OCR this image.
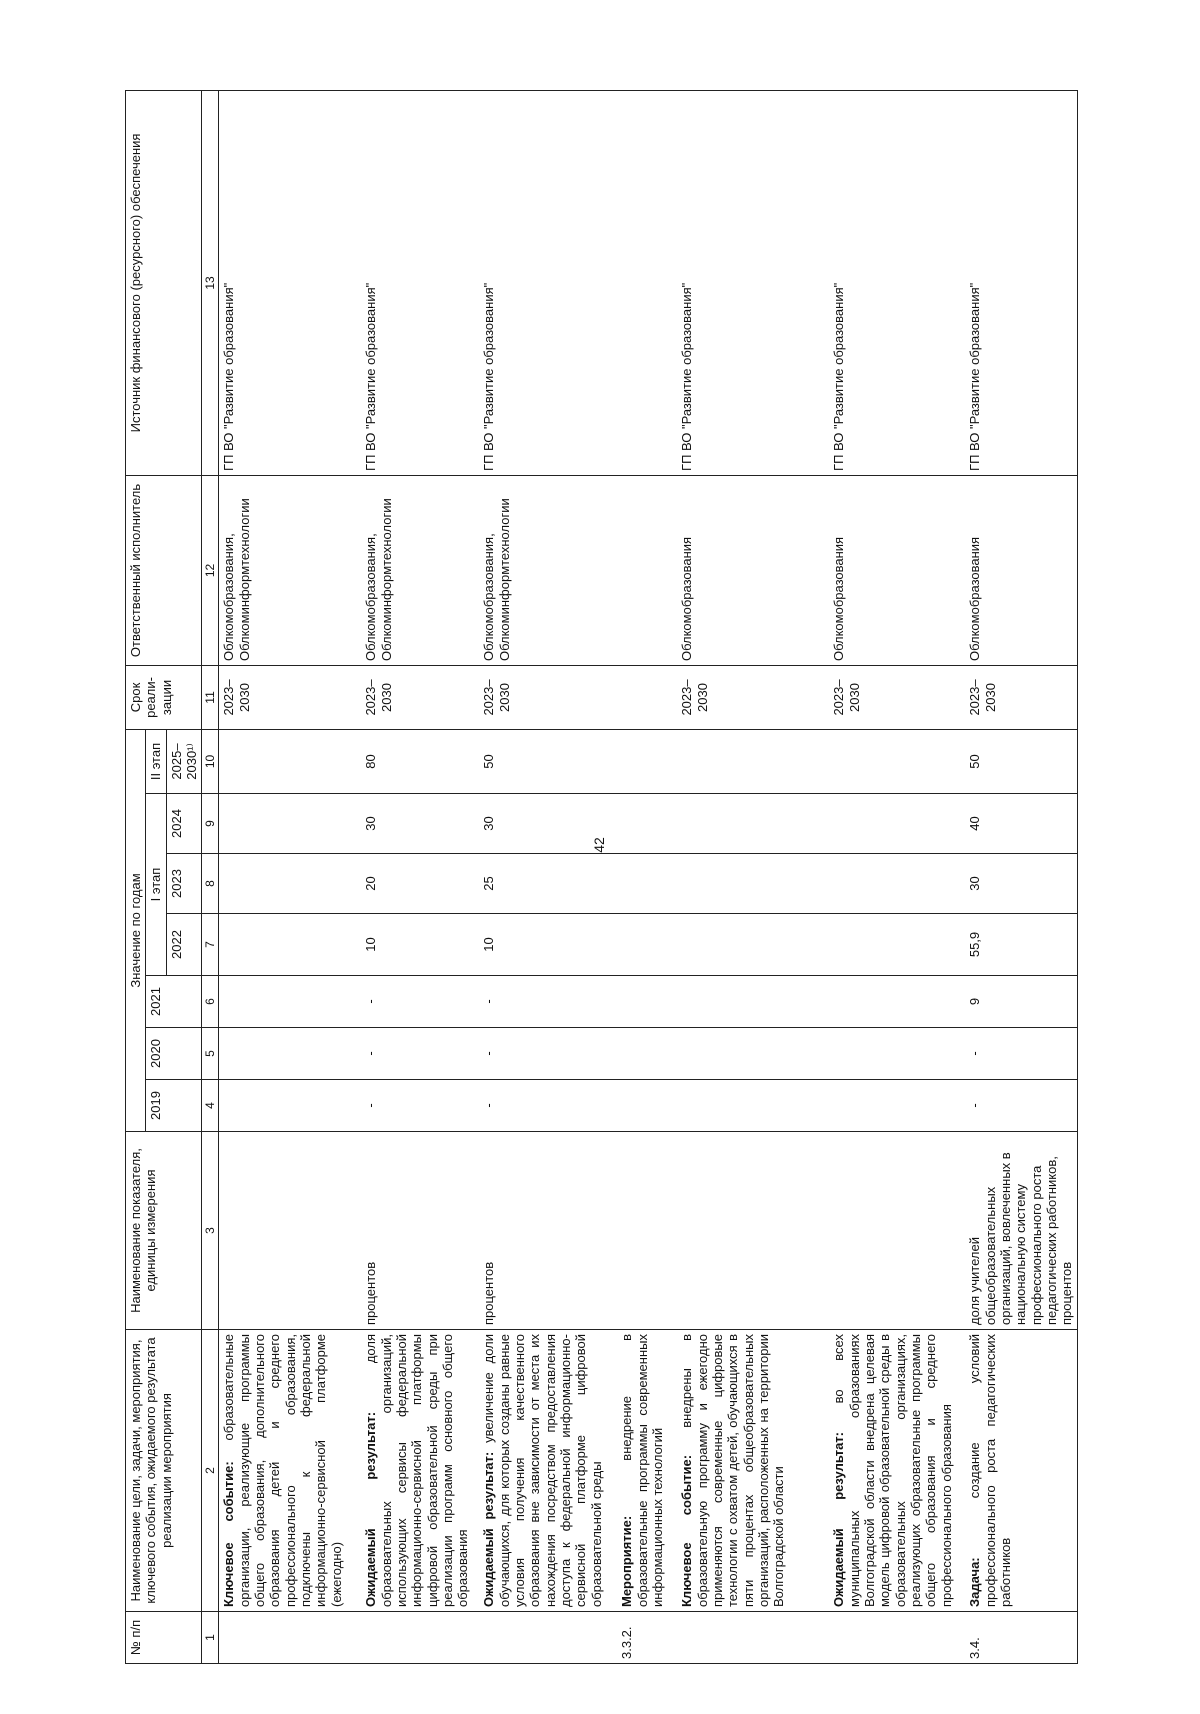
42
№ п/п	Наименование цели, задачи, мероприятия, ключевого события, ожидаемого результата реализации мероприятия	Наименование показателя, единицы измерения	Значение по годам							Срок реали-зации	Ответственный исполнитель	Источник финансового (ресурсного) обеспечения
			2019	2020	2021	I этап			II этап			
						2022	2023	2024	2025–2030¹⁾			

1	2	3	4	5	6	7	8	9	10	11	12	13
	Ключевое событие: образовательные организации, реализующие программы общего образования, дополнительного образования детей и среднего профессионального образования, подключены к федеральной информационно-сервисной платформе (ежегодно)									2023–2030	Облкомобразования, Облкоминформтехнологии	ГП ВО "Развитие образования"
	Ожидаемый результат: доля образовательных организаций, использующих сервисы федеральной информационно-сервисной платформы цифровой образовательной среды при реализации программ основного общего образования	процентов	-	-	-	10	20	30	80	2023–2030	Облкомобразования, Облкоминформтехнологии	ГП ВО "Развитие образования"
	Ожидаемый результат: увеличение доли обучающихся, для которых созданы равные условия получения качественного образования вне зависимости от места их нахождения посредством предоставления доступа к федеральной информационно-сервисной платформе цифровой образовательной среды	процентов	-	-	-	10	25	30	50	2023–2030	Облкомобразования, Облкоминформтехнологии	ГП ВО "Развитие образования"
3.3.2.	Мероприятие: внедрение в образовательные программы современных информационных технологий											
	Ключевое событие: внедрены в образовательную программу и ежегодно применяются современные цифровые технологии с охватом детей, обучающихся в пяти процентах общеобразовательных организаций, расположенных на территории Волгоградской области									2023–2030	Облкомобразования	ГП ВО "Развитие образования"
	Ожидаемый результат: во всех муниципальных образованиях Волгоградской области внедрена целевая модель цифровой образовательной среды в образовательных организациях, реализующих образовательные программы общего образования и среднего профессионального образования									2023–2030	Облкомобразования	ГП ВО "Развитие образования"
3.4.	Задача: создание условий профессионального роста педагогических работников	доля учителей общеобразовательных организаций, вовлеченных в национальную систему профессионального роста педагогических работников, процентов	-	-	9	55,9	30	40	50	2023–2030	Облкомобразования	ГП ВО "Развитие образования"
